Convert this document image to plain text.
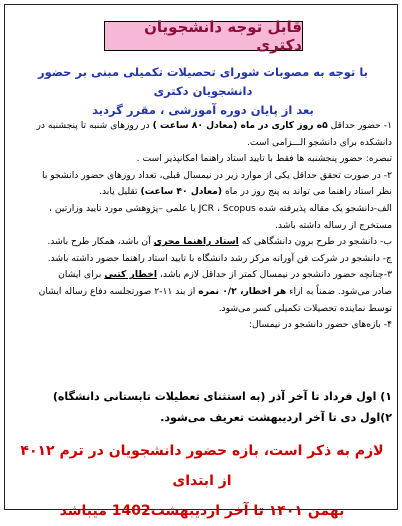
قابل توجه دانشجویان دکتری
با توجه به مصوبات شورای تحصیلات تکمیلی مبنی بر حضور دانشجویان دکتری
بعد از پایان دوره آموزشی ، مقرر گردید

۱- حضور حداقل ۵ه روز کاری در ماه (معادل ۸۰ ساعت ) در روزهای شنبه تا پنجشنبه در

دانشکده برای دانشجو الـــزامی است.

تبصره: حضور پنجشنبه ها فقط با تایید استاد راهنما امکانپذیر است .

۲- در صورت تحقق حداقل یکی از موارد زیر در نیمسال قبلی، تعداد روزهای حضور دانشجو با

نظر استاد راهنما می تواند به پنج روز در ماه (معادل ۴۰ ساعت) تقلیل یابد.

الف-دانشجو یک مقاله پذیرفته شده JCR ، Scopus یا علمی –پژوهشی مورد تایید وزارتین ،

مستخرج از رساله داشته باشد.

ب- دانشجو در طرح برون دانشگاهی که استاد راهنما مجری آن باشد، همکار طرح باشد.

ج- دانشجو در شرکت فن آورانه مرکز رشد دانشگاه با تایید استاد راهنما حضور داشته باشد.

۳-چنانچه حضور دانشجو در نیمسال کمتر از حداقل لازم باشد، اخطار کتبی برای ایشان

صادر می‌شود. ضمناً به ازاء هر اخطار، ۰/۲ نمره از بند ۱۱-۲ صورتجلسه دفاع رساله ایشان

توسط نماینده تحصیلات تکمیلی کسر می‌شود.

۴- بازه‌های حضور دانشجو در نیمسال:

۱) اول فرداد تا آخر آذر (به استثنای تعطیلات تابستانی دانشگاه)

۲)اول دی تا آخر اردیبهشت تعریف می‌شود.

لازم به ذکر است، بازه حضور دانشجویان در ترم ۴۰۱۲ از ابتدای

بهمن ۱۴۰۱ تا آخر اردیبهشت1402 میباشد
